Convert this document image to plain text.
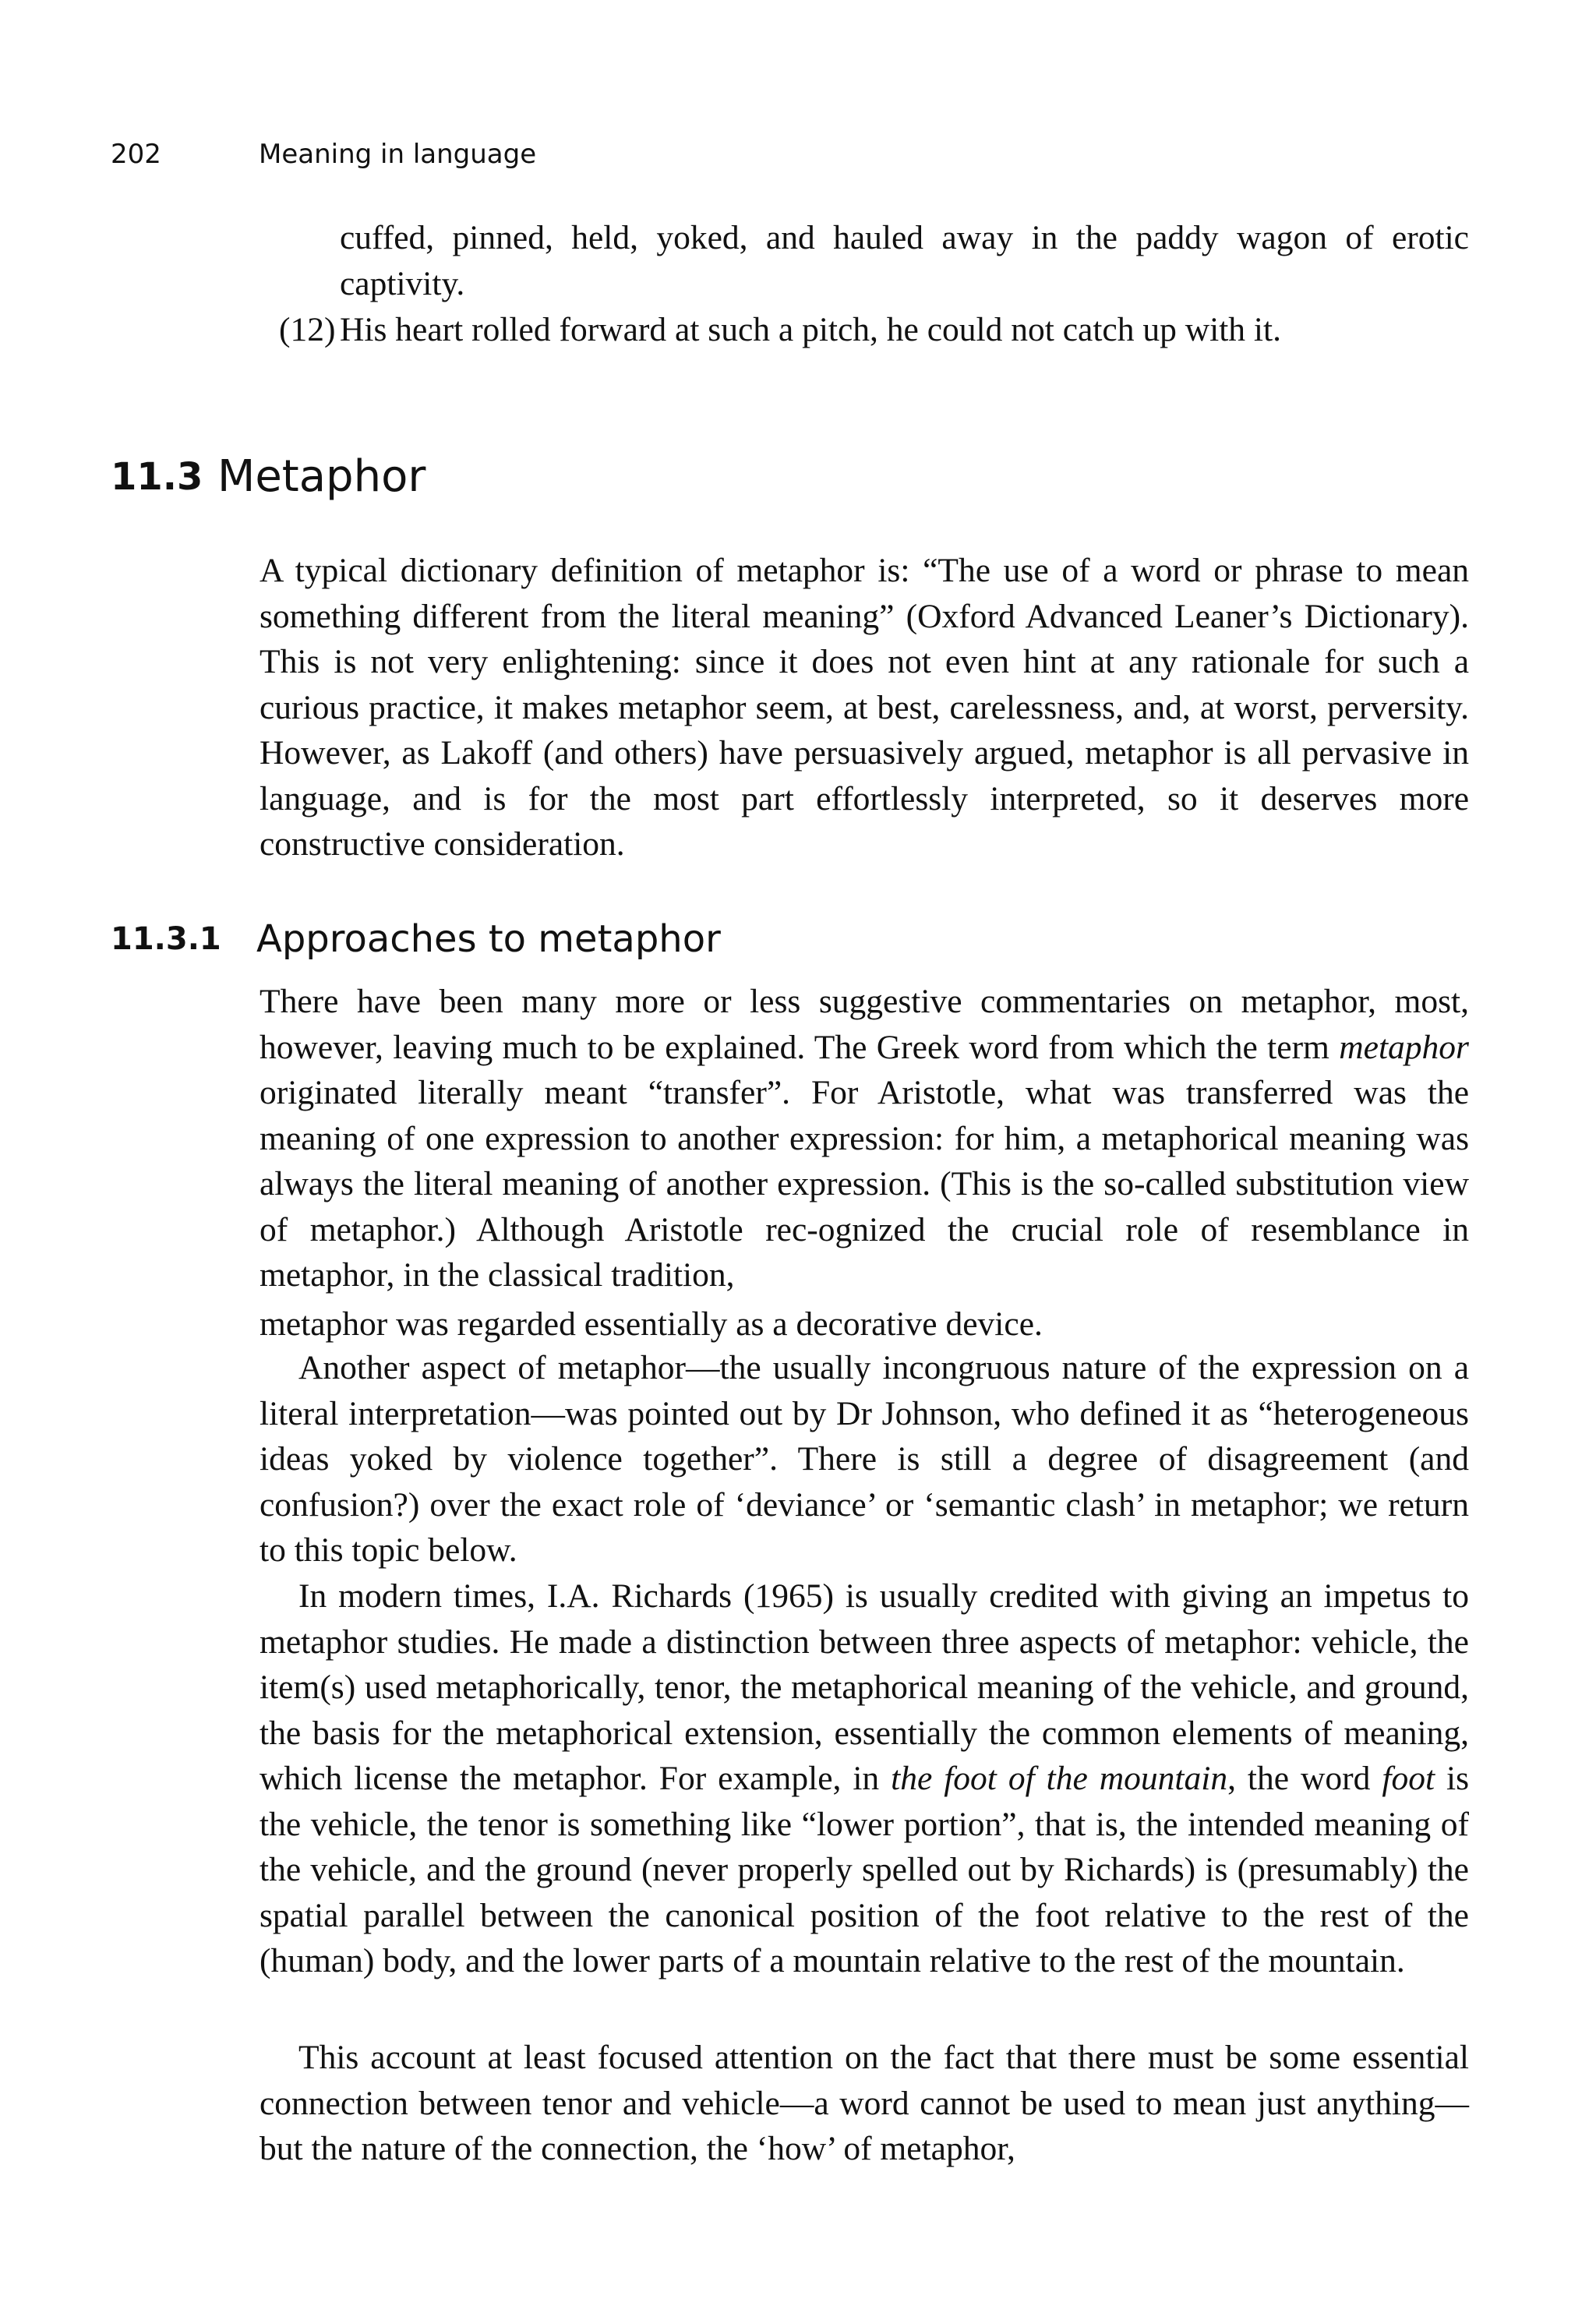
202	Meaning in language

cuffed, pinned, held, yoked, and hauled away in the paddy wagon of erotic captivity.

(12) His heart rolled forward at such a pitch, he could not catch up with it.

11.3 Metaphor

A typical dictionary definition of metaphor is: “The use of a word or phrase to mean something different from the literal meaning” (Oxford Advanced Leaner’s Dictionary). This is not very enlightening: since it does not even hint at any rationale for such a curious practice, it makes metaphor seem, at best, carelessness, and, at worst, perversity. However, as Lakoff (and others) have persuasively argued, metaphor is all pervasive in language, and is for the most part effortlessly interpreted, so it deserves more constructive consideration.

11.3.1 Approaches to metaphor

There have been many more or less suggestive commentaries on metaphor, most, however, leaving much to be explained. The Greek word from which the term metaphor originated literally meant “transfer”. For Aristotle, what was transferred was the meaning of one expression to another expression: for him, a metaphorical meaning was always the literal meaning of another expression. (This is the so-called substitution view of metaphor.) Although Aristotle rec-ognized the crucial role of resemblance in metaphor, in the classical tradition,

metaphor was regarded essentially as a decorative device.

Another aspect of metaphor—the usually incongruous nature of the expression on a literal interpretation—was pointed out by Dr Johnson, who defined it as “heterogeneous ideas yoked by violence together”. There is still a degree of disagreement (and confusion?) over the exact role of ‘deviance’ or ‘semantic clash’ in metaphor; we return to this topic below.

In modern times, I.A. Richards (1965) is usually credited with giving an impetus to metaphor studies. He made a distinction between three aspects of metaphor: vehicle, the item(s) used metaphorically, tenor, the metaphorical meaning of the vehicle, and ground, the basis for the metaphorical extension, essentially the common elements of meaning, which license the metaphor. For example, in the foot of the mountain, the word foot is the vehicle, the tenor is something like “lower portion”, that is, the intended meaning of the vehicle, and the ground (never properly spelled out by Richards) is (presumably) the spatial parallel between the canonical position of the foot relative to the rest of the (human) body, and the lower parts of a mountain relative to the rest of the mountain.

This account at least focused attention on the fact that there must be some essential connection between tenor and vehicle—a word cannot be used to mean just anything—but the nature of the connection, the ‘how’ of metaphor,
